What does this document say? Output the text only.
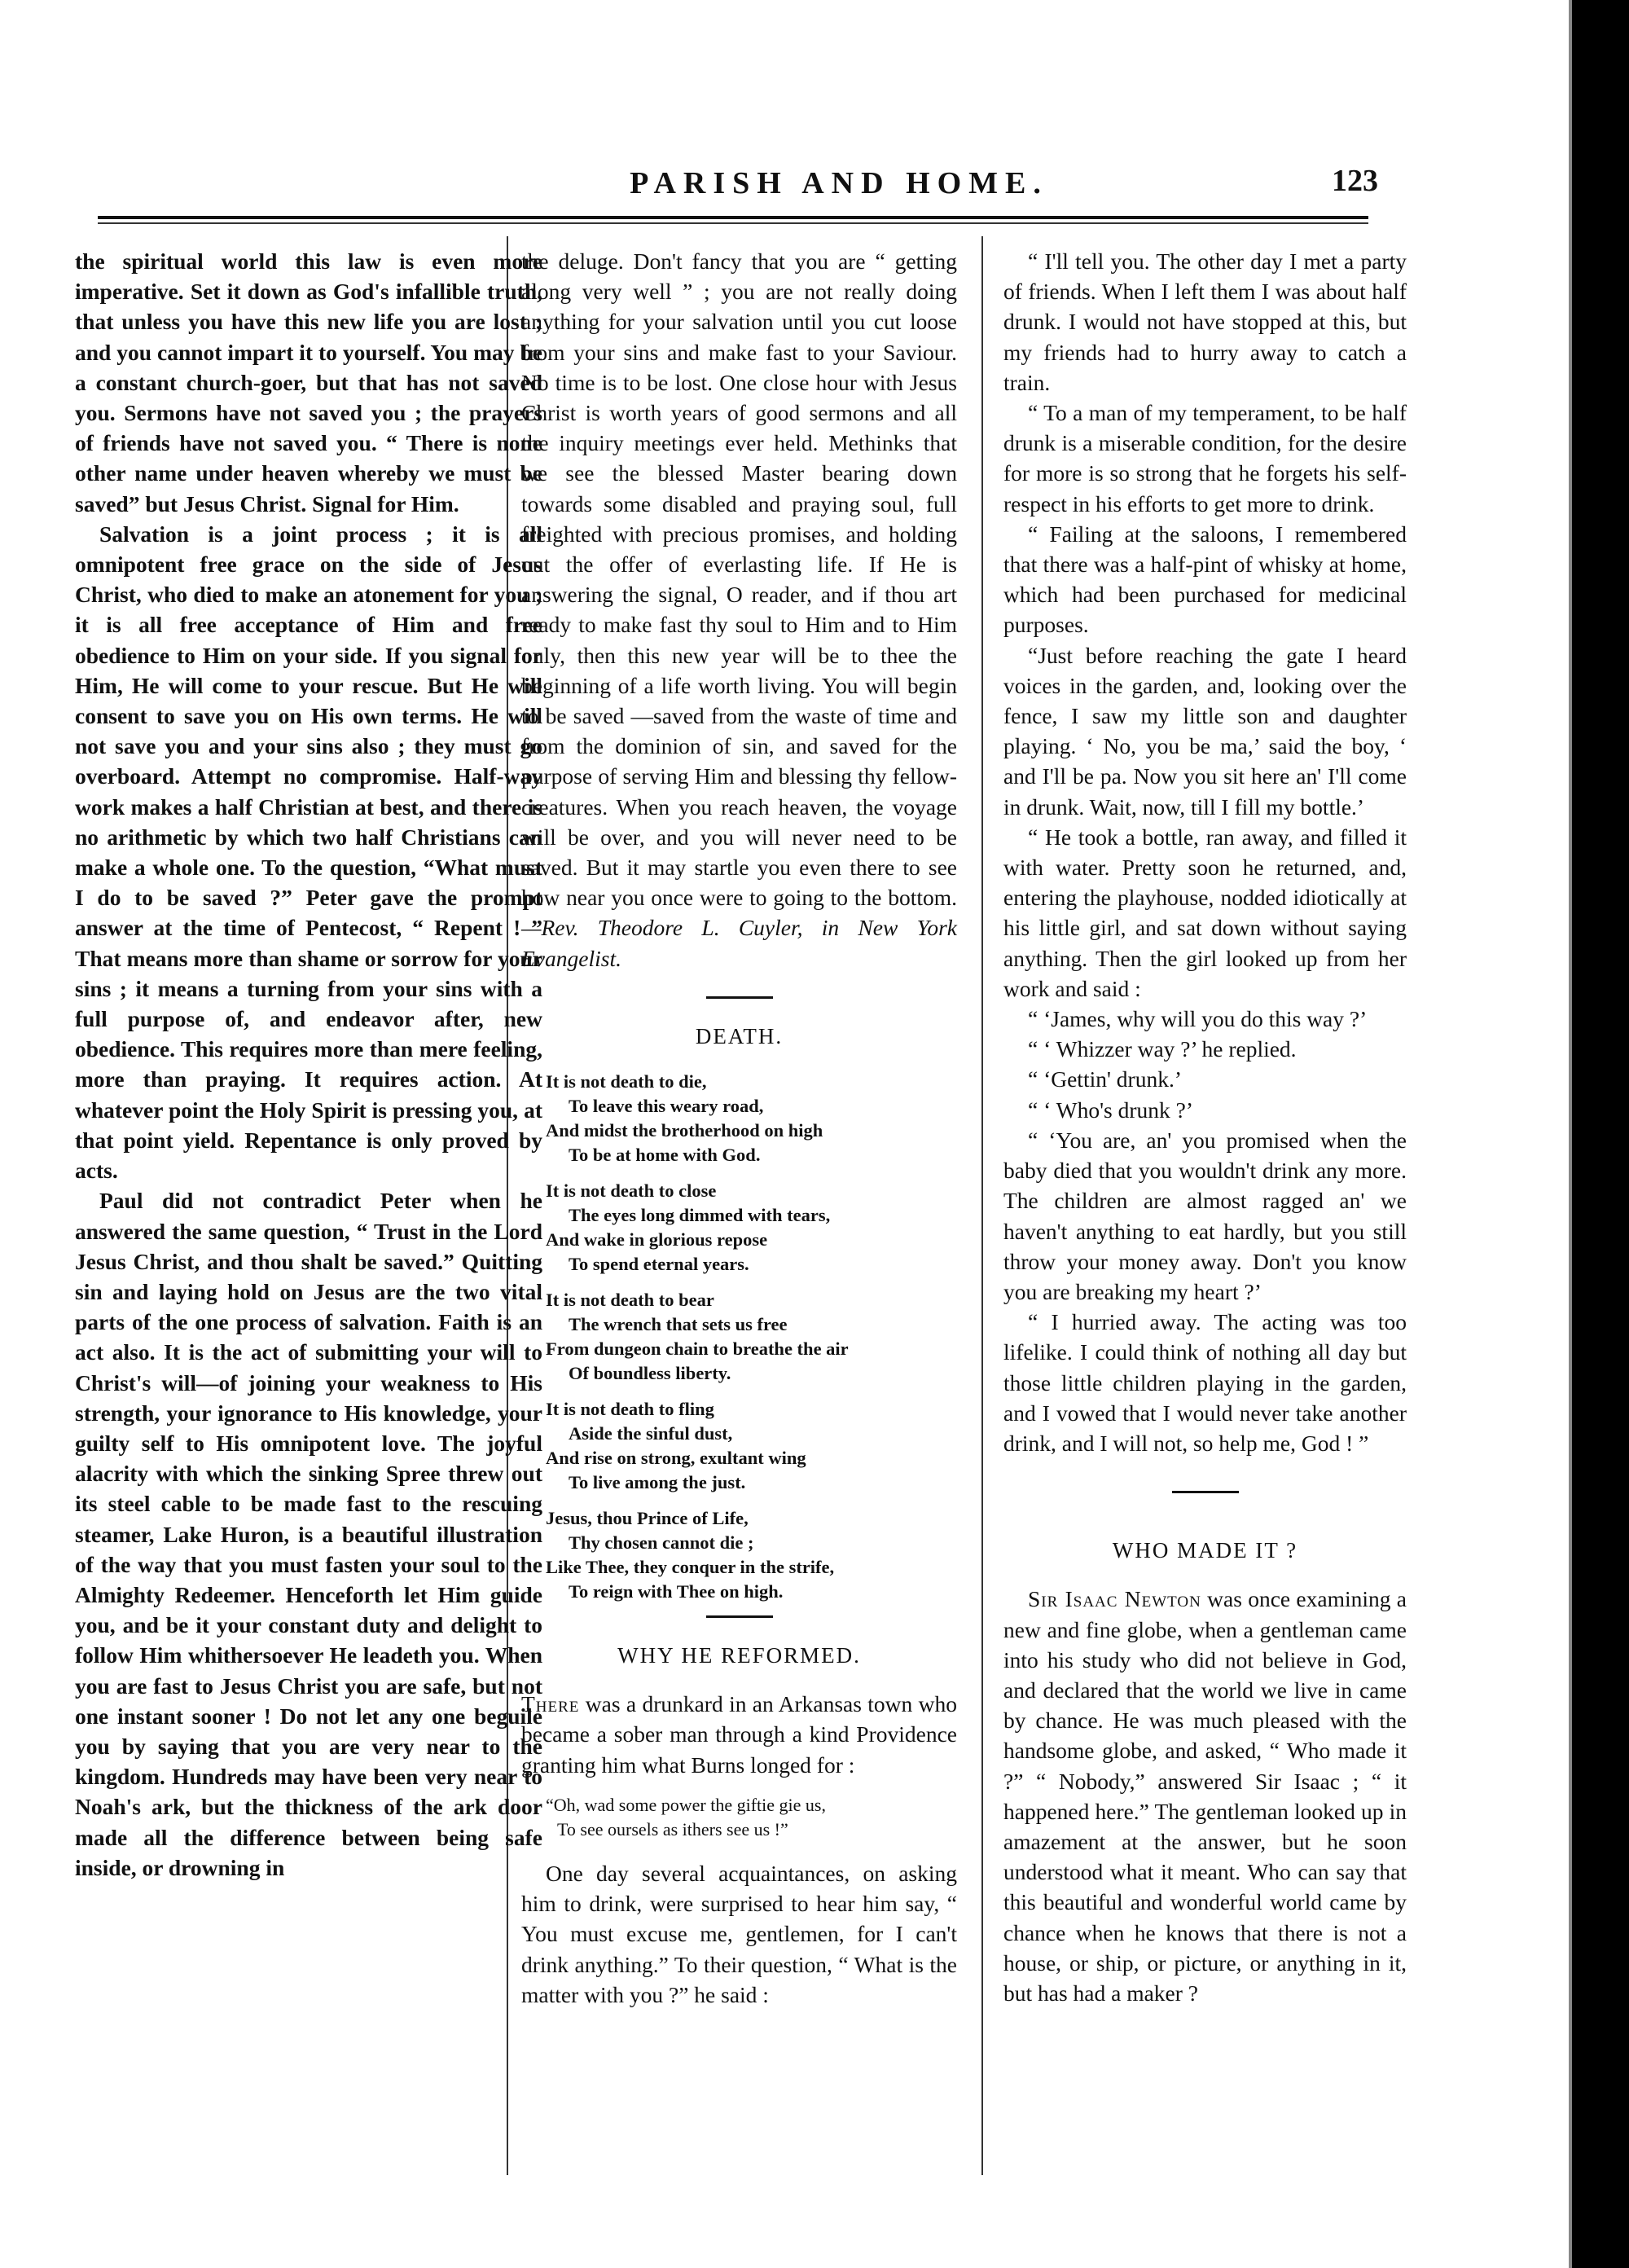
PARISH AND HOME.	123

the spiritual world this law is even more imperative. Set it down as God's infallible truth, that unless you have this new life you are lost ; and you cannot impart it to yourself. You may be a constant church-goer, but that has not saved you. Sermons have not saved you ; the prayers of friends have not saved you. “ There is none other name under heaven whereby we must be saved” but Jesus Christ. Signal for Him.

Salvation is a joint process ; it is all omnipotent free grace on the side of Jesus Christ, who died to make an atonement for you ; it is all free acceptance of Him and free obedience to Him on your side. If you signal for Him, He will come to your rescue. But He will consent to save you on His own terms. He will not save you and your sins also ; they must go overboard. Attempt no compromise. Half-way work makes a half Christian at best, and there is no arithmetic by which two half Christians can make a whole one. To the question, “What must I do to be saved ?” Peter gave the prompt answer at the time of Pentecost, “ Repent ! ” That means more than shame or sorrow for your sins ; it means a turning from your sins with a full purpose of, and endeavor after, new obedience. This requires more than mere feeling, more than praying. It requires action. At whatever point the Holy Spirit is pressing you, at that point yield. Repentance is only proved by acts.

Paul did not contradict Peter when he answered the same question, “ Trust in the Lord Jesus Christ, and thou shalt be saved.” Quitting sin and laying hold on Jesus are the two vital parts of the one process of salvation. Faith is an act also. It is the act of submitting your will to Christ's will—of joining your weakness to His strength, your ignorance to His knowledge, your guilty self to His omnipotent love. The joyful alacrity with which the sinking Spree threw out its steel cable to be made fast to the rescuing steamer, Lake Huron, is a beautiful illustration of the way that you must fasten your soul to the Almighty Redeemer. Henceforth let Him guide you, and be it your constant duty and delight to follow Him whithersoever He leadeth you. When you are fast to Jesus Christ you are safe, but not one instant sooner ! Do not let any one beguile you by saying that you are very near to the kingdom. Hundreds may have been very near to Noah's ark, but the thickness of the ark door made all the difference between being safe inside, or drowning in

the deluge. Don't fancy that you are “ getting along very well ” ; you are not really doing anything for your salvation until you cut loose from your sins and make fast to your Saviour. No time is to be lost. One close hour with Jesus Christ is worth years of good sermons and all the inquiry meetings ever held. Methinks that we see the blessed Master bearing down towards some disabled and praying soul, full freighted with precious promises, and holding out the offer of everlasting life. If He is answering the signal, O reader, and if thou art ready to make fast thy soul to Him and to Him only, then this new year will be to thee the beginning of a life worth living. You will begin to be saved —saved from the waste of time and from the dominion of sin, and saved for the purpose of serving Him and blessing thy fellow-creatures. When you reach heaven, the voyage will be over, and you will never need to be saved. But it may startle you even there to see how near you once were to going to the bottom.—Rev. Theodore L. Cuyler, in New York Evangelist.

DEATH.
It is not death to die,
To leave this weary road,
And midst the brotherhood on high
To be at home with God.
It is not death to close
The eyes long dimmed with tears,
And wake in glorious repose
To spend eternal years.
It is not death to bear
The wrench that sets us free
From dungeon chain to breathe the air
Of boundless liberty.
It is not death to fling
Aside the sinful dust,
And rise on strong, exultant wing
To live among the just.
Jesus, thou Prince of Life,
Thy chosen cannot die ;
Like Thee, they conquer in the strife,
To reign with Thee on high.
WHY HE REFORMED.

There was a drunkard in an Arkansas town who became a sober man through a kind Providence granting him what Burns longed for :

“Oh, wad some power the giftie gie us,
To see oursels as ithers see us !”

One day several acquaintances, on asking him to drink, were surprised to hear him say, “ You must excuse me, gentlemen, for I can't drink anything.” To their question, “ What is the matter with you ?” he said :

“ I'll tell you. The other day I met a party of friends. When I left them I was about half drunk. I would not have stopped at this, but my friends had to hurry away to catch a train.

“ To a man of my temperament, to be half drunk is a miserable condition, for the desire for more is so strong that he forgets his self-respect in his efforts to get more to drink.

“ Failing at the saloons, I remembered that there was a half-pint of whisky at home, which had been purchased for medicinal purposes.

“Just before reaching the gate I heard voices in the garden, and, looking over the fence, I saw my little son and daughter playing. ‘ No, you be ma,’ said the boy, ‘ and I'll be pa. Now you sit here an' I'll come in drunk. Wait, now, till I fill my bottle.’

“ He took a bottle, ran away, and filled it with water. Pretty soon he returned, and, entering the playhouse, nodded idiotically at his little girl, and sat down without saying anything. Then the girl looked up from her work and said :

“ ‘James, why will you do this way ?’

“ ‘ Whizzer way ?’ he replied.

“ ‘Gettin' drunk.’

“ ‘ Who's drunk ?’

“ ‘You are, an' you promised when the baby died that you wouldn't drink any more. The children are almost ragged an' we haven't anything to eat hardly, but you still throw your money away. Don't you know you are breaking my heart ?’

“ I hurried away. The acting was too lifelike. I could think of nothing all day but those little children playing in the garden, and I vowed that I would never take another drink, and I will not, so help me, God ! ”

WHO MADE IT ?

Sir Isaac Newton was once examining a new and fine globe, when a gentleman came into his study who did not believe in God, and declared that the world we live in came by chance. He was much pleased with the handsome globe, and asked, “ Who made it ?” “ Nobody,” answered Sir Isaac ; “ it happened here.” The gentleman looked up in amazement at the answer, but he soon understood what it meant. Who can say that this beautiful and wonderful world came by chance when he knows that there is not a house, or ship, or picture, or anything in it, but has had a maker ?
